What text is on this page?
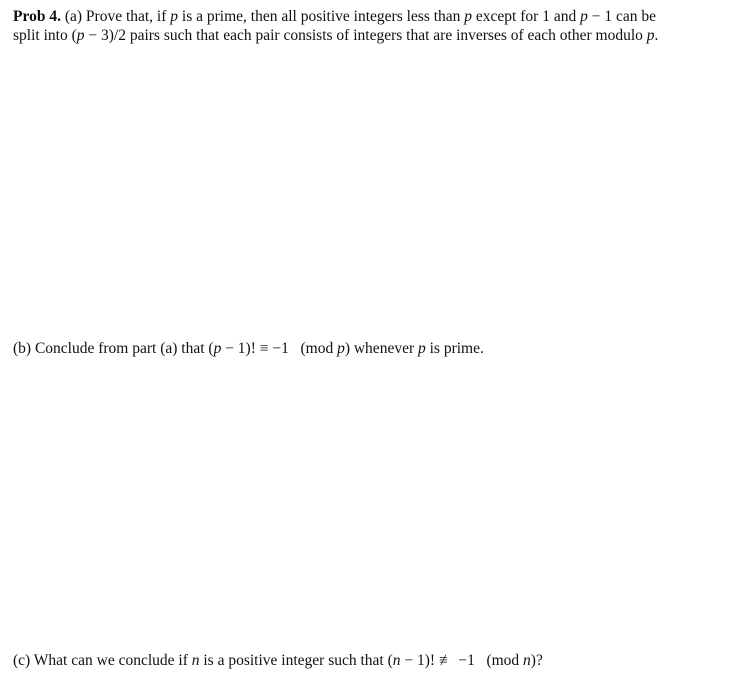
Prob 4. (a) Prove that, if p is a prime, then all positive integers less than p except for 1 and p − 1 can be
split into (p − 3)/2 pairs such that each pair consists of integers that are inverses of each other modulo p.
(b) Conclude from part (a) that (p − 1)! ≡ −1   (mod p) whenever p is prime.
(c) What can we conclude if n is a positive integer such that (n − 1)! ≢ −1   (mod n)?
